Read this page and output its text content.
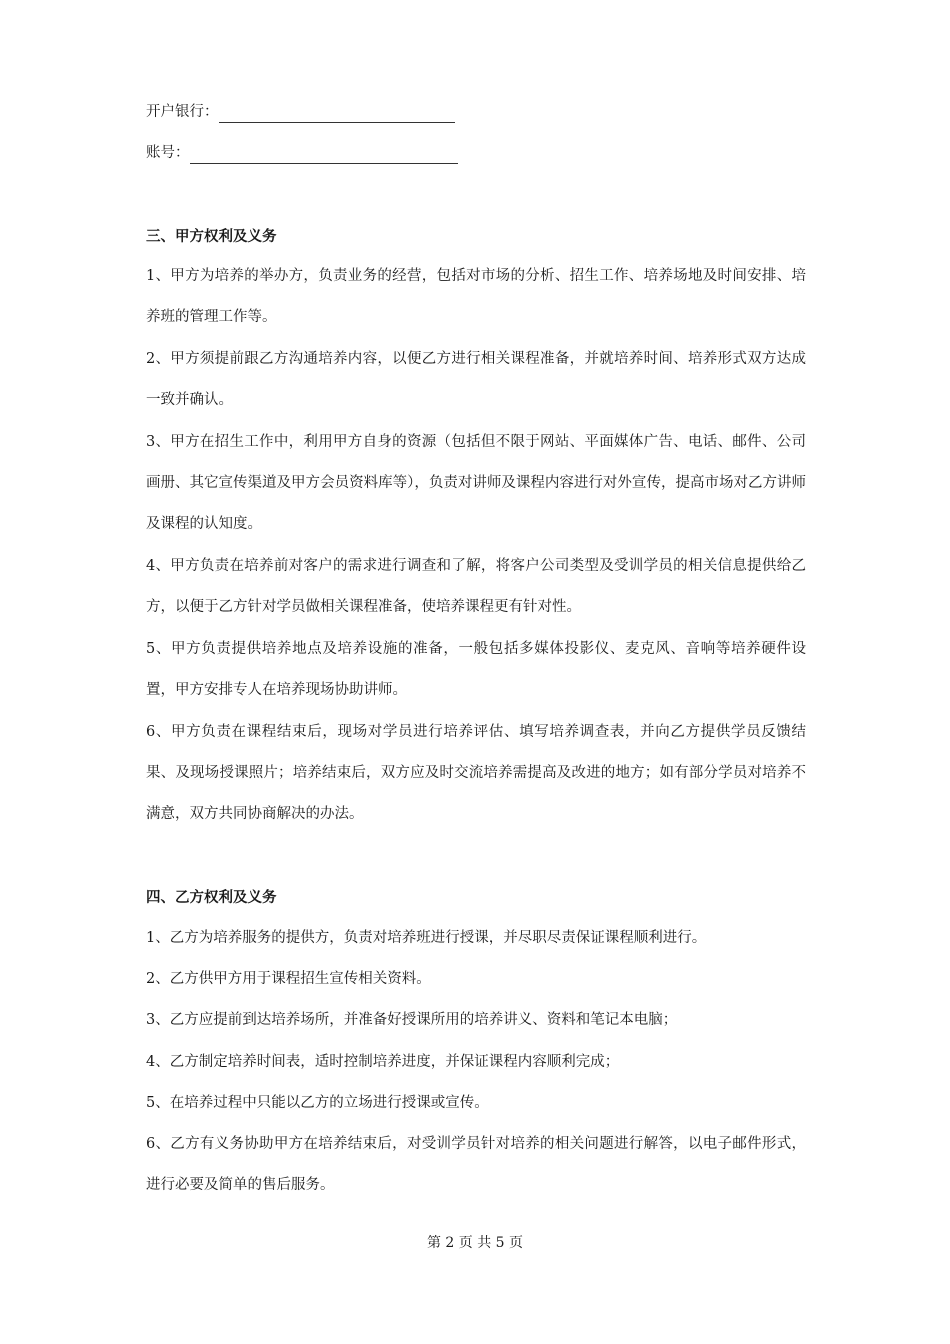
开户银行：
账号：
三、甲方权利及义务

1、甲方为培养的举办方，负责业务的经营，包括对市场的分析、招生工作、培养场地及时间安排、培养班的管理工作等。

2、甲方须提前跟乙方沟通培养内容，以便乙方进行相关课程准备，并就培养时间、培养形式双方达成一致并确认。

3、甲方在招生工作中，利用甲方自身的资源（包括但不限于网站、平面媒体广告、电话、邮件、公司画册、其它宣传渠道及甲方会员资料库等），负责对讲师及课程内容进行对外宣传，提高市场对乙方讲师及课程的认知度。

4、甲方负责在培养前对客户的需求进行调查和了解，将客户公司类型及受训学员的相关信息提供给乙方，以便于乙方针对学员做相关课程准备，使培养课程更有针对性。

5、甲方负责提供培养地点及培养设施的准备，一般包括多媒体投影仪、麦克风、音响等培养硬件设置，甲方安排专人在培养现场协助讲师。

6、甲方负责在课程结束后，现场对学员进行培养评估、填写培养调查表，并向乙方提供学员反馈结果、及现场授课照片；培养结束后，双方应及时交流培养需提高及改进的地方；如有部分学员对培养不满意，双方共同协商解决的办法。

四、乙方权利及义务

1、乙方为培养服务的提供方，负责对培养班进行授课，并尽职尽责保证课程顺利进行。

2、乙方供甲方用于课程招生宣传相关资料。

3、乙方应提前到达培养场所，并准备好授课所用的培养讲义、资料和笔记本电脑；

4、乙方制定培养时间表，适时控制培养进度，并保证课程内容顺利完成；

5、在培养过程中只能以乙方的立场进行授课或宣传。

6、乙方有义务协助甲方在培养结束后，对受训学员针对培养的相关问题进行解答，以电子邮件形式，进行必要及简单的售后服务。

第 2 页 共 5 页
